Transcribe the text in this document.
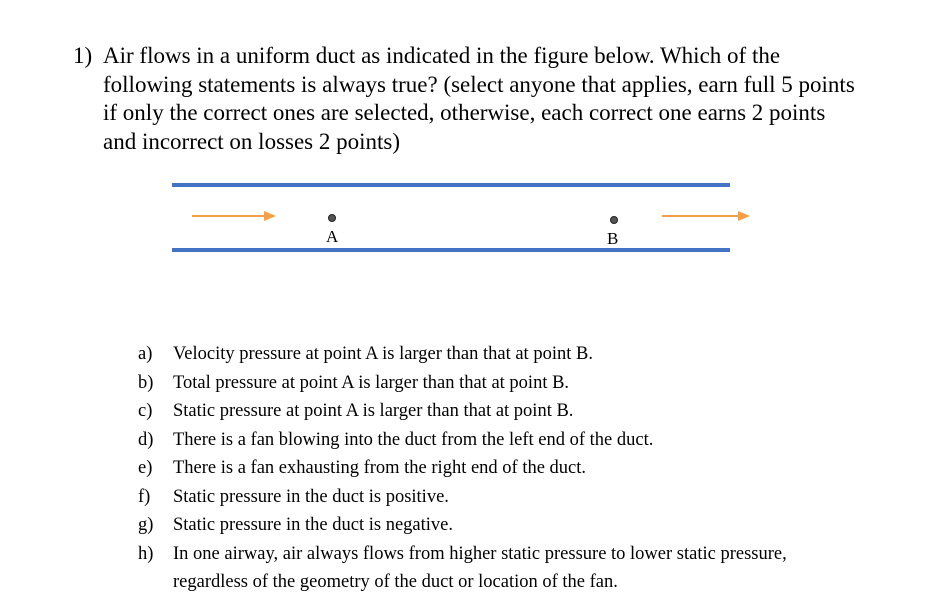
1) Air flows in a uniform duct as indicated in the figure below. Which of the following statements is always true? (select anyone that applies, earn full 5 points if only the correct ones are selected, otherwise, each correct one earns 2 points and incorrect on losses 2 points)
A	B
a) Velocity pressure at point A is larger than that at point B.
b) Total pressure at point A is larger than that at point B.
c) Static pressure at point A is larger than that at point B.
d) There is a fan blowing into the duct from the left end of the duct.
e) There is a fan exhausting from the right end of the duct.
f) Static pressure in the duct is positive.
g) Static pressure in the duct is negative.
h) In one airway, air always flows from higher static pressure to lower static pressure, regardless of the geometry of the duct or location of the fan.
